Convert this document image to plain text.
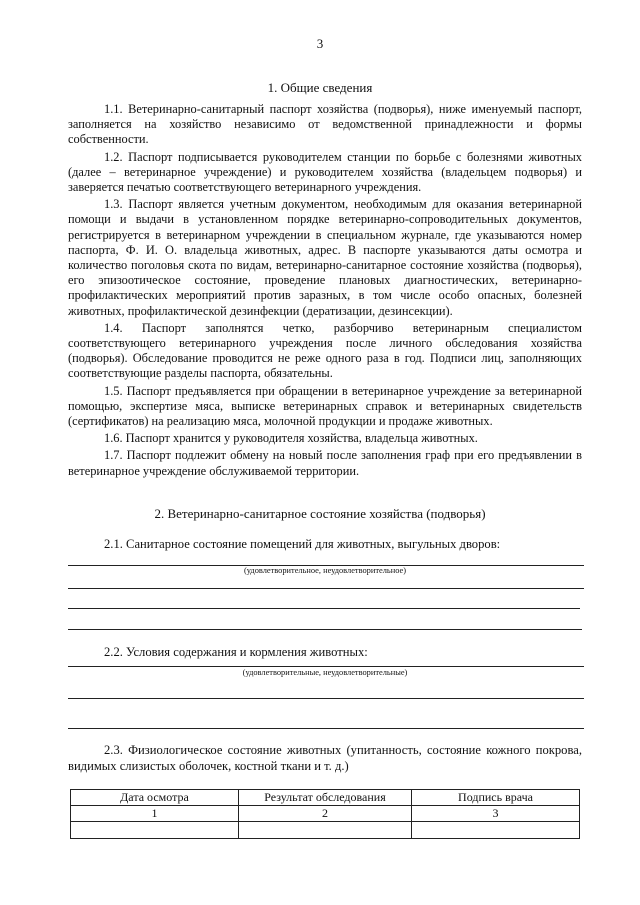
3
1. Общие сведения

1.1. Ветеринарно-санитарный паспорт хозяйства (подворья), ниже именуемый паспорт, заполняется на хозяйство независимо от ведомственной принадлежности и формы собственности.

1.2. Паспорт подписывается руководителем станции по борьбе с болезнями животных (далее – ветеринарное учреждение) и руководителем хозяйства (владельцем подворья) и заверяется печатью соответствующего ветеринарного учреждения.

1.3. Паспорт является учетным документом, необходимым для оказания ветеринарной помощи и выдачи в установленном порядке ветеринарно-сопроводительных документов, регистрируется в ветеринарном учреждении в специальном журнале, где указываются номер паспорта, Ф. И. О. владельца животных, адрес. В паспорте указываются даты осмотра и количество поголовья скота по видам, ветеринарно-санитарное состояние хозяйства (подворья), его эпизоотическое состояние, проведение плановых диагностических, ветеринарно-профилактических мероприятий против заразных, в том числе особо опасных, болезней животных, профилактической дезинфекции (дератизации, дезинсекции).

1.4. Паспорт заполнятся четко, разборчиво ветеринарным специалистом соответствующего ветеринарного учреждения после личного обследования хозяйства (подворья). Обследование проводится не реже одного раза в год. Подписи лиц, заполняющих соответствующие разделы паспорта, обязательны.

1.5. Паспорт предъявляется при обращении в ветеринарное учреждение за ветеринарной помощью, экспертизе мяса, выписке ветеринарных справок и ветеринарных свидетельств (сертификатов) на реализацию мяса, молочной продукции и продаже животных.

1.6. Паспорт хранится у руководителя хозяйства, владельца животных.

1.7. Паспорт подлежит обмену на новый после заполнения граф при его предъявлении в ветеринарное учреждение обслуживаемой территории.

2. Ветеринарно-санитарное состояние хозяйства (подворья)
2.1. Санитарное состояние помещений для животных, выгульных дворов:
(удовлетворительное, неудовлетворительное)
2.2. Условия содержания и кормления животных:
(удовлетворительные, неудовлетворительные)
2.3. Физиологическое состояние животных (упитанность, состояние кожного покрова, видимых слизистых оболочек, костной ткани и т. д.)
Дата осмотра	Результат обследования	Подпись врача
1	2	3
